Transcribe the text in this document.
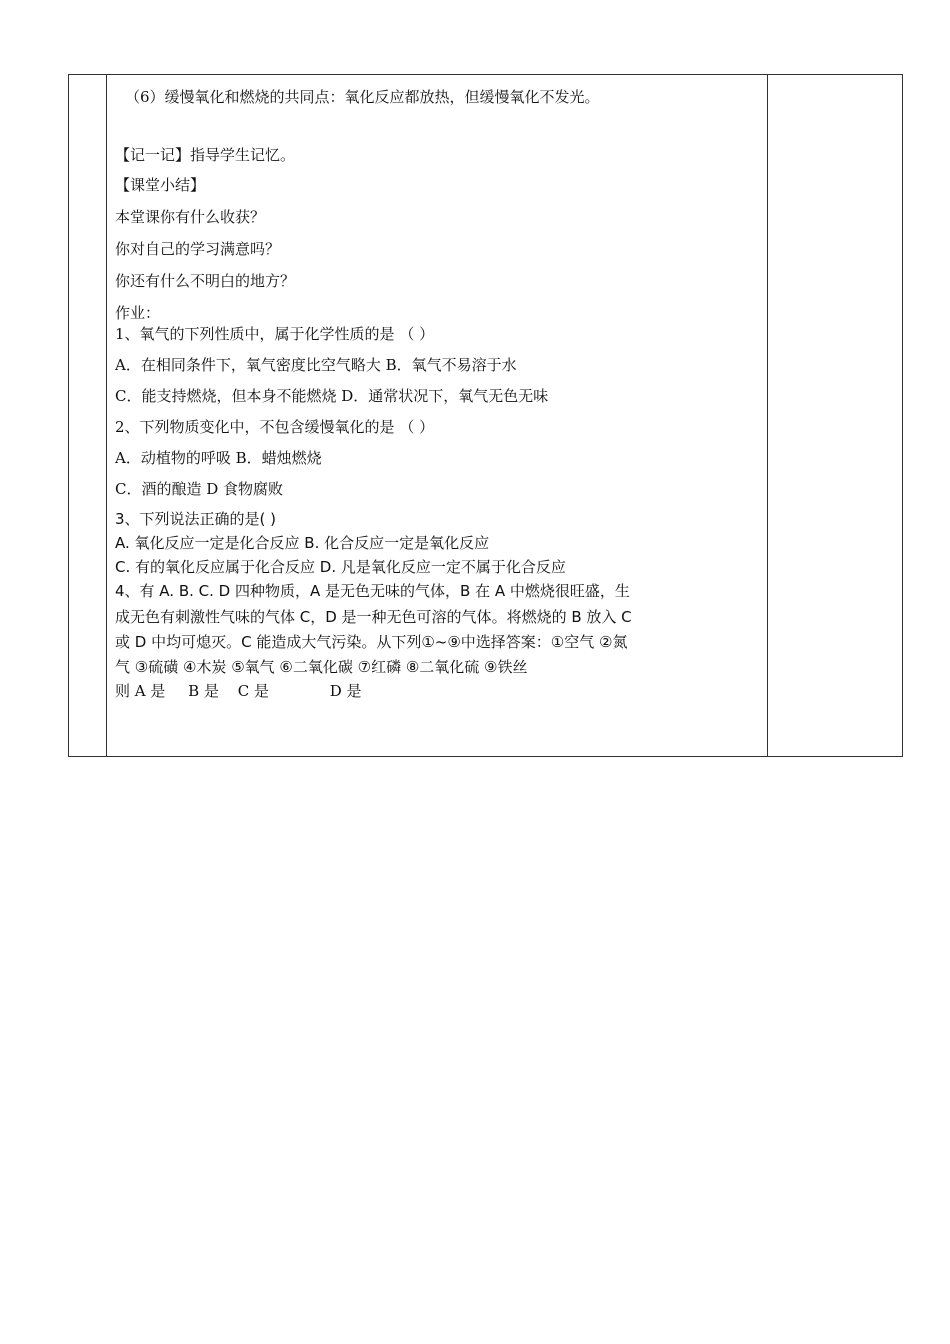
（6）缓慢氧化和燃烧的共同点：氧化反应都放热，但缓慢氧化不发光。
【记一记】指导学生记忆。
【课堂小结】
本堂课你有什么收获？
你对自己的学习满意吗？
你还有什么不明白的地方？
作业：
1、氧气的下列性质中，属于化学性质的是 （ ）
A．在相同条件下，氧气密度比空气略大 B．氧气不易溶于水
C．能支持燃烧，但本身不能燃烧 D．通常状况下，氧气无色无味
2、下列物质变化中，不包含缓慢氧化的是 （ ）
A．动植物的呼吸 B．蜡烛燃烧
C．酒的酿造 D 食物腐败
3、下列说法正确的是( )
A. 氧化反应一定是化合反应 B. 化合反应一定是氧化反应
C. 有的氧化反应属于化合反应 D. 凡是氧化反应一定不属于化合反应
4、有 A. B. C. D 四种物质，A 是无色无味的气体，B 在 A 中燃烧很旺盛，生
成无色有刺激性气味的气体 C，D 是一种无色可溶的气体。将燃烧的 B 放入 C
或 D 中均可熄灭。C 能造成大气污染。从下列①~⑨中选择答案：①空气 ②氮
气 ③硫磺 ④木炭 ⑤氧气 ⑥二氧化碳 ⑦红磷 ⑧二氧化硫 ⑨铁丝
则 A 是 B 是 C 是	D 是
